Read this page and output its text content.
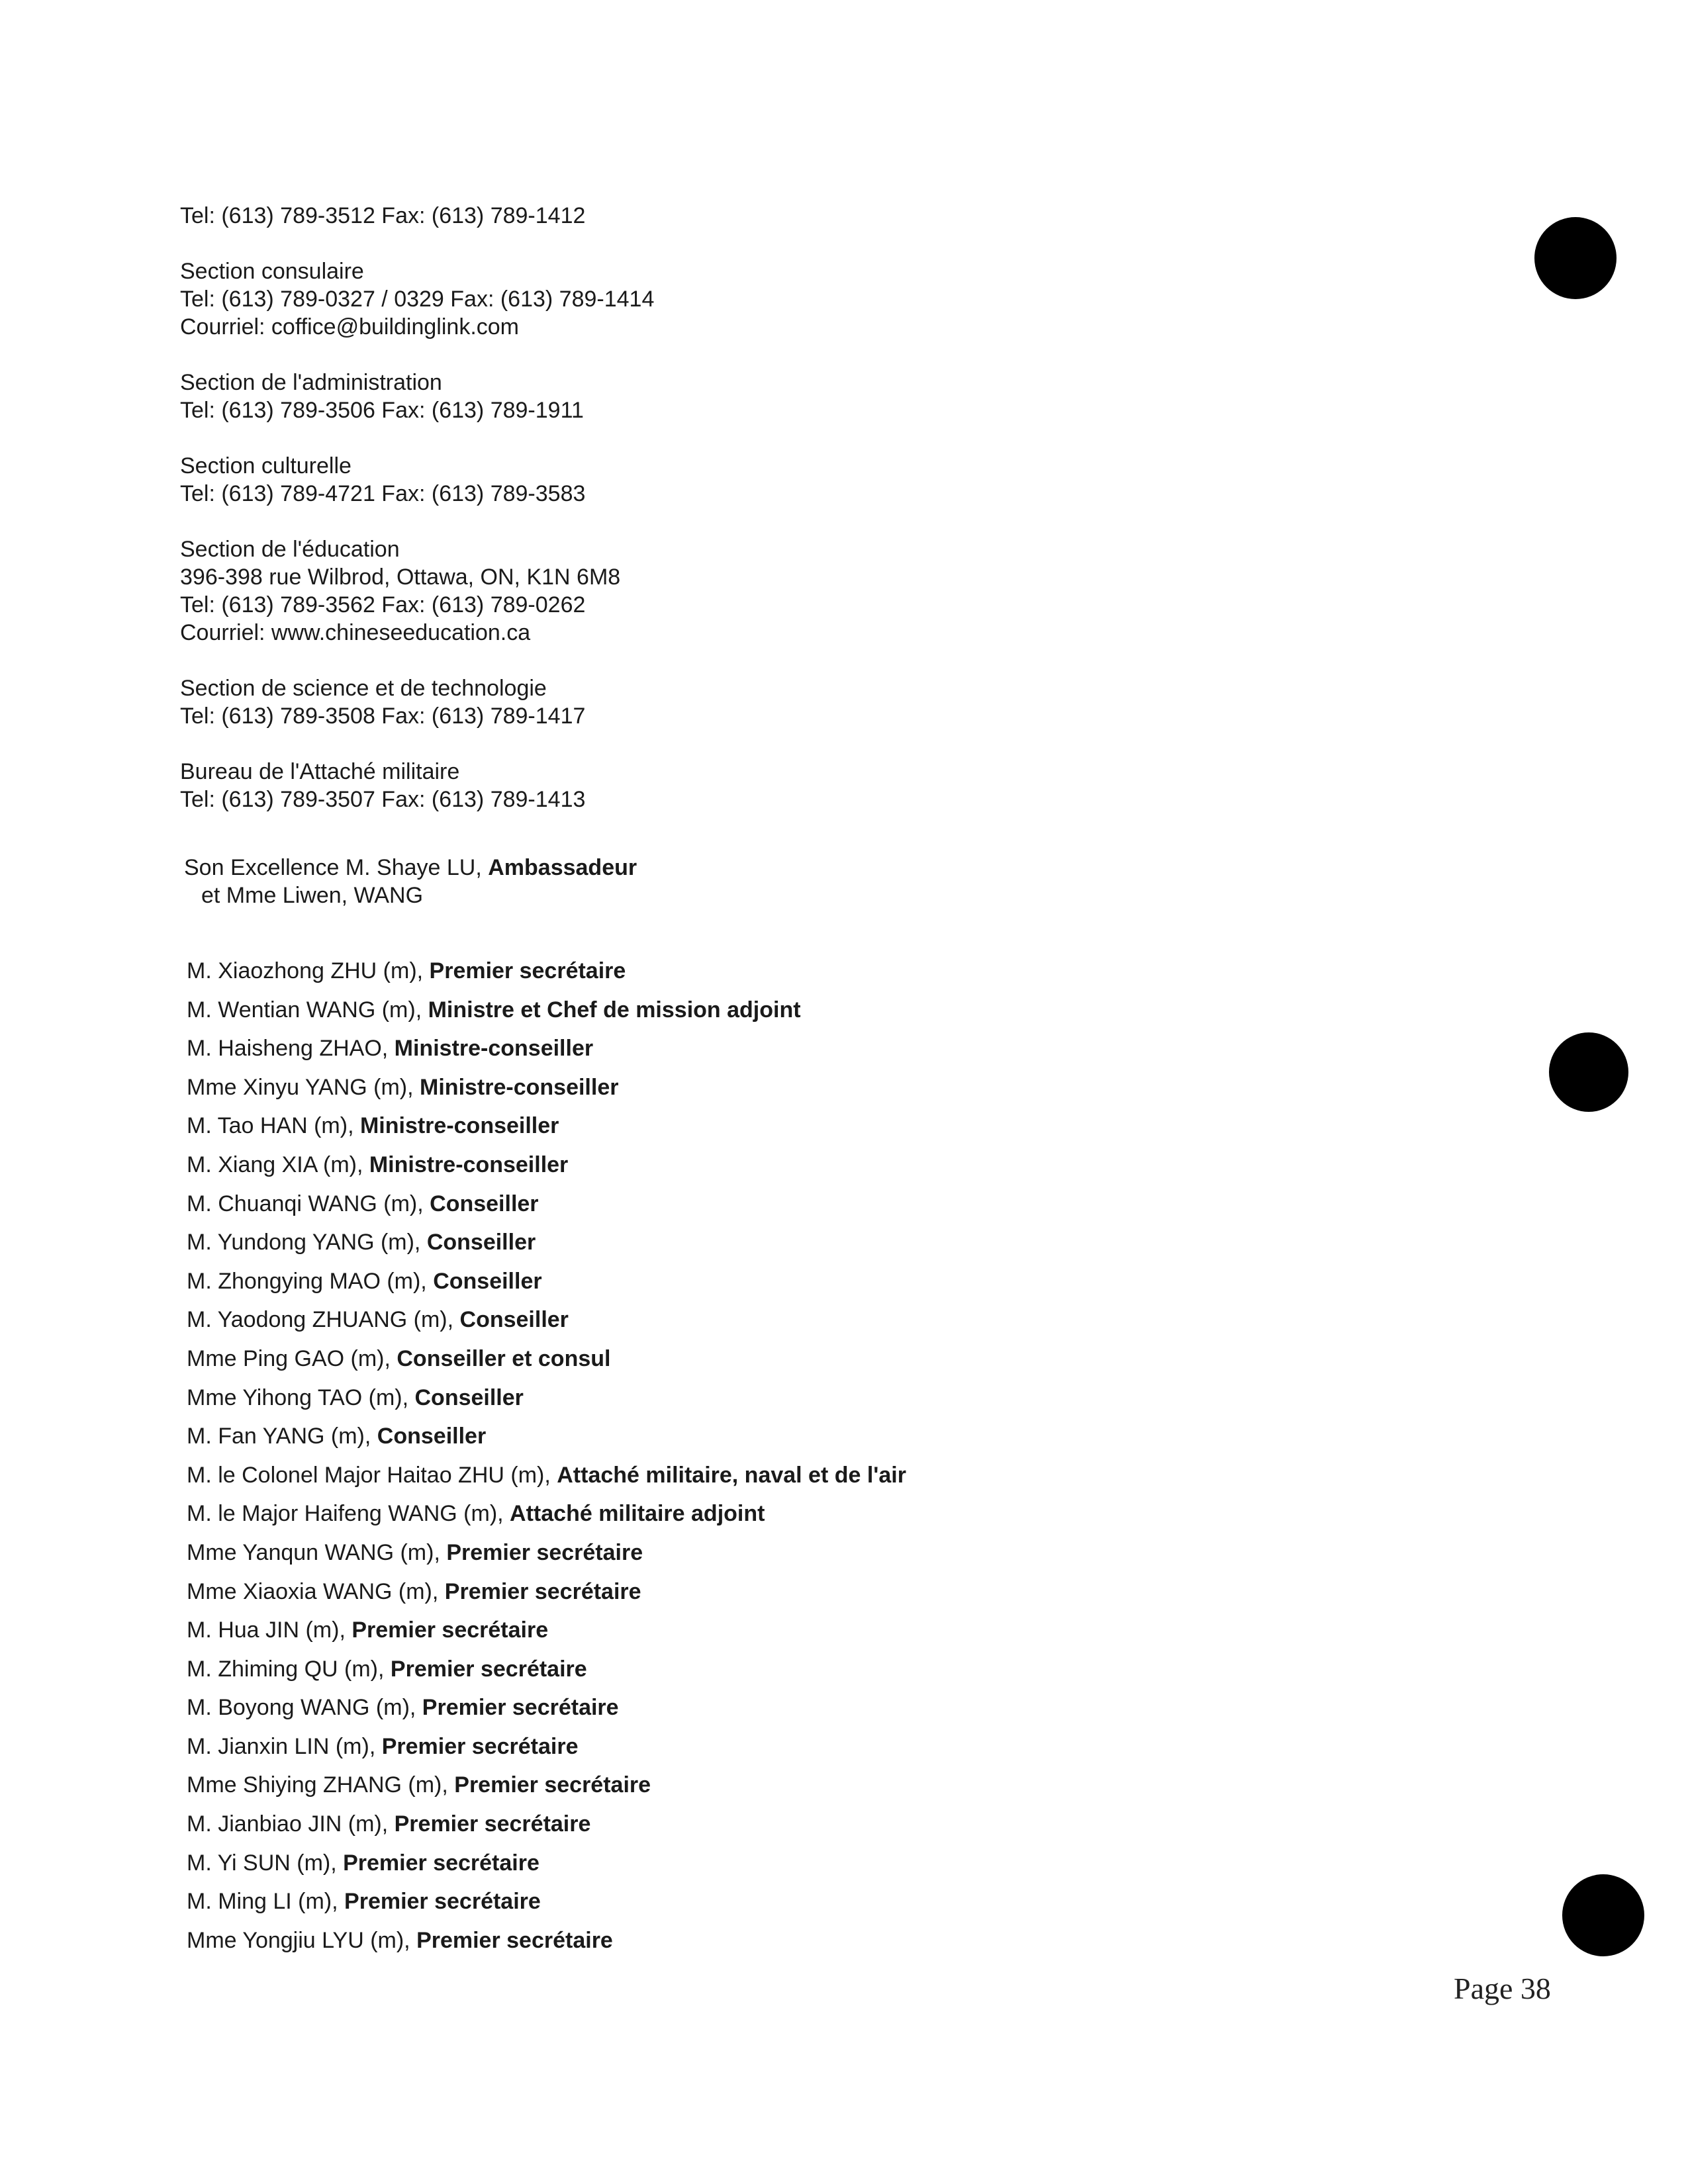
Tel: (613) 789-3512 Fax: (613) 789-1412
Section consulaire
Tel: (613) 789-0327 / 0329 Fax: (613) 789-1414
Courriel: coffice@buildinglink.com
Section de l'administration
Tel: (613) 789-3506 Fax: (613) 789-1911
Section culturelle
Tel: (613) 789-4721 Fax: (613) 789-3583
Section de l'éducation
396-398 rue Wilbrod, Ottawa, ON, K1N 6M8
Tel: (613) 789-3562 Fax: (613) 789-0262
Courriel: www.chineseeducation.ca
Section de science et de technologie
Tel: (613) 789-3508 Fax: (613) 789-1417
Bureau de l'Attaché militaire
Tel: (613) 789-3507 Fax: (613) 789-1413
Son Excellence M. Shaye LU, Ambassadeur
et Mme Liwen, WANG
M. Xiaozhong ZHU (m), Premier secrétaire
M. Wentian WANG (m), Ministre et Chef de mission adjoint
M. Haisheng ZHAO, Ministre-conseiller
Mme Xinyu YANG (m), Ministre-conseiller
M. Tao HAN (m), Ministre-conseiller
M. Xiang XIA (m), Ministre-conseiller
M. Chuanqi WANG (m), Conseiller
M. Yundong YANG (m), Conseiller
M. Zhongying MAO (m), Conseiller
M. Yaodong ZHUANG (m), Conseiller
Mme Ping GAO (m), Conseiller et consul
Mme Yihong TAO (m), Conseiller
M. Fan YANG (m), Conseiller
M. le Colonel Major Haitao ZHU (m), Attaché militaire, naval et de l'air
M. le Major Haifeng WANG (m), Attaché militaire adjoint
Mme Yanqun WANG (m), Premier secrétaire
Mme Xiaoxia WANG (m), Premier secrétaire
M. Hua JIN (m), Premier secrétaire
M. Zhiming QU (m), Premier secrétaire
M. Boyong WANG (m), Premier secrétaire
M. Jianxin LIN (m), Premier secrétaire
Mme Shiying ZHANG (m), Premier secrétaire
M. Jianbiao JIN (m), Premier secrétaire
M. Yi SUN (m), Premier secrétaire
M. Ming LI (m), Premier secrétaire
Mme Yongjiu LYU (m), Premier secrétaire
Page 38
